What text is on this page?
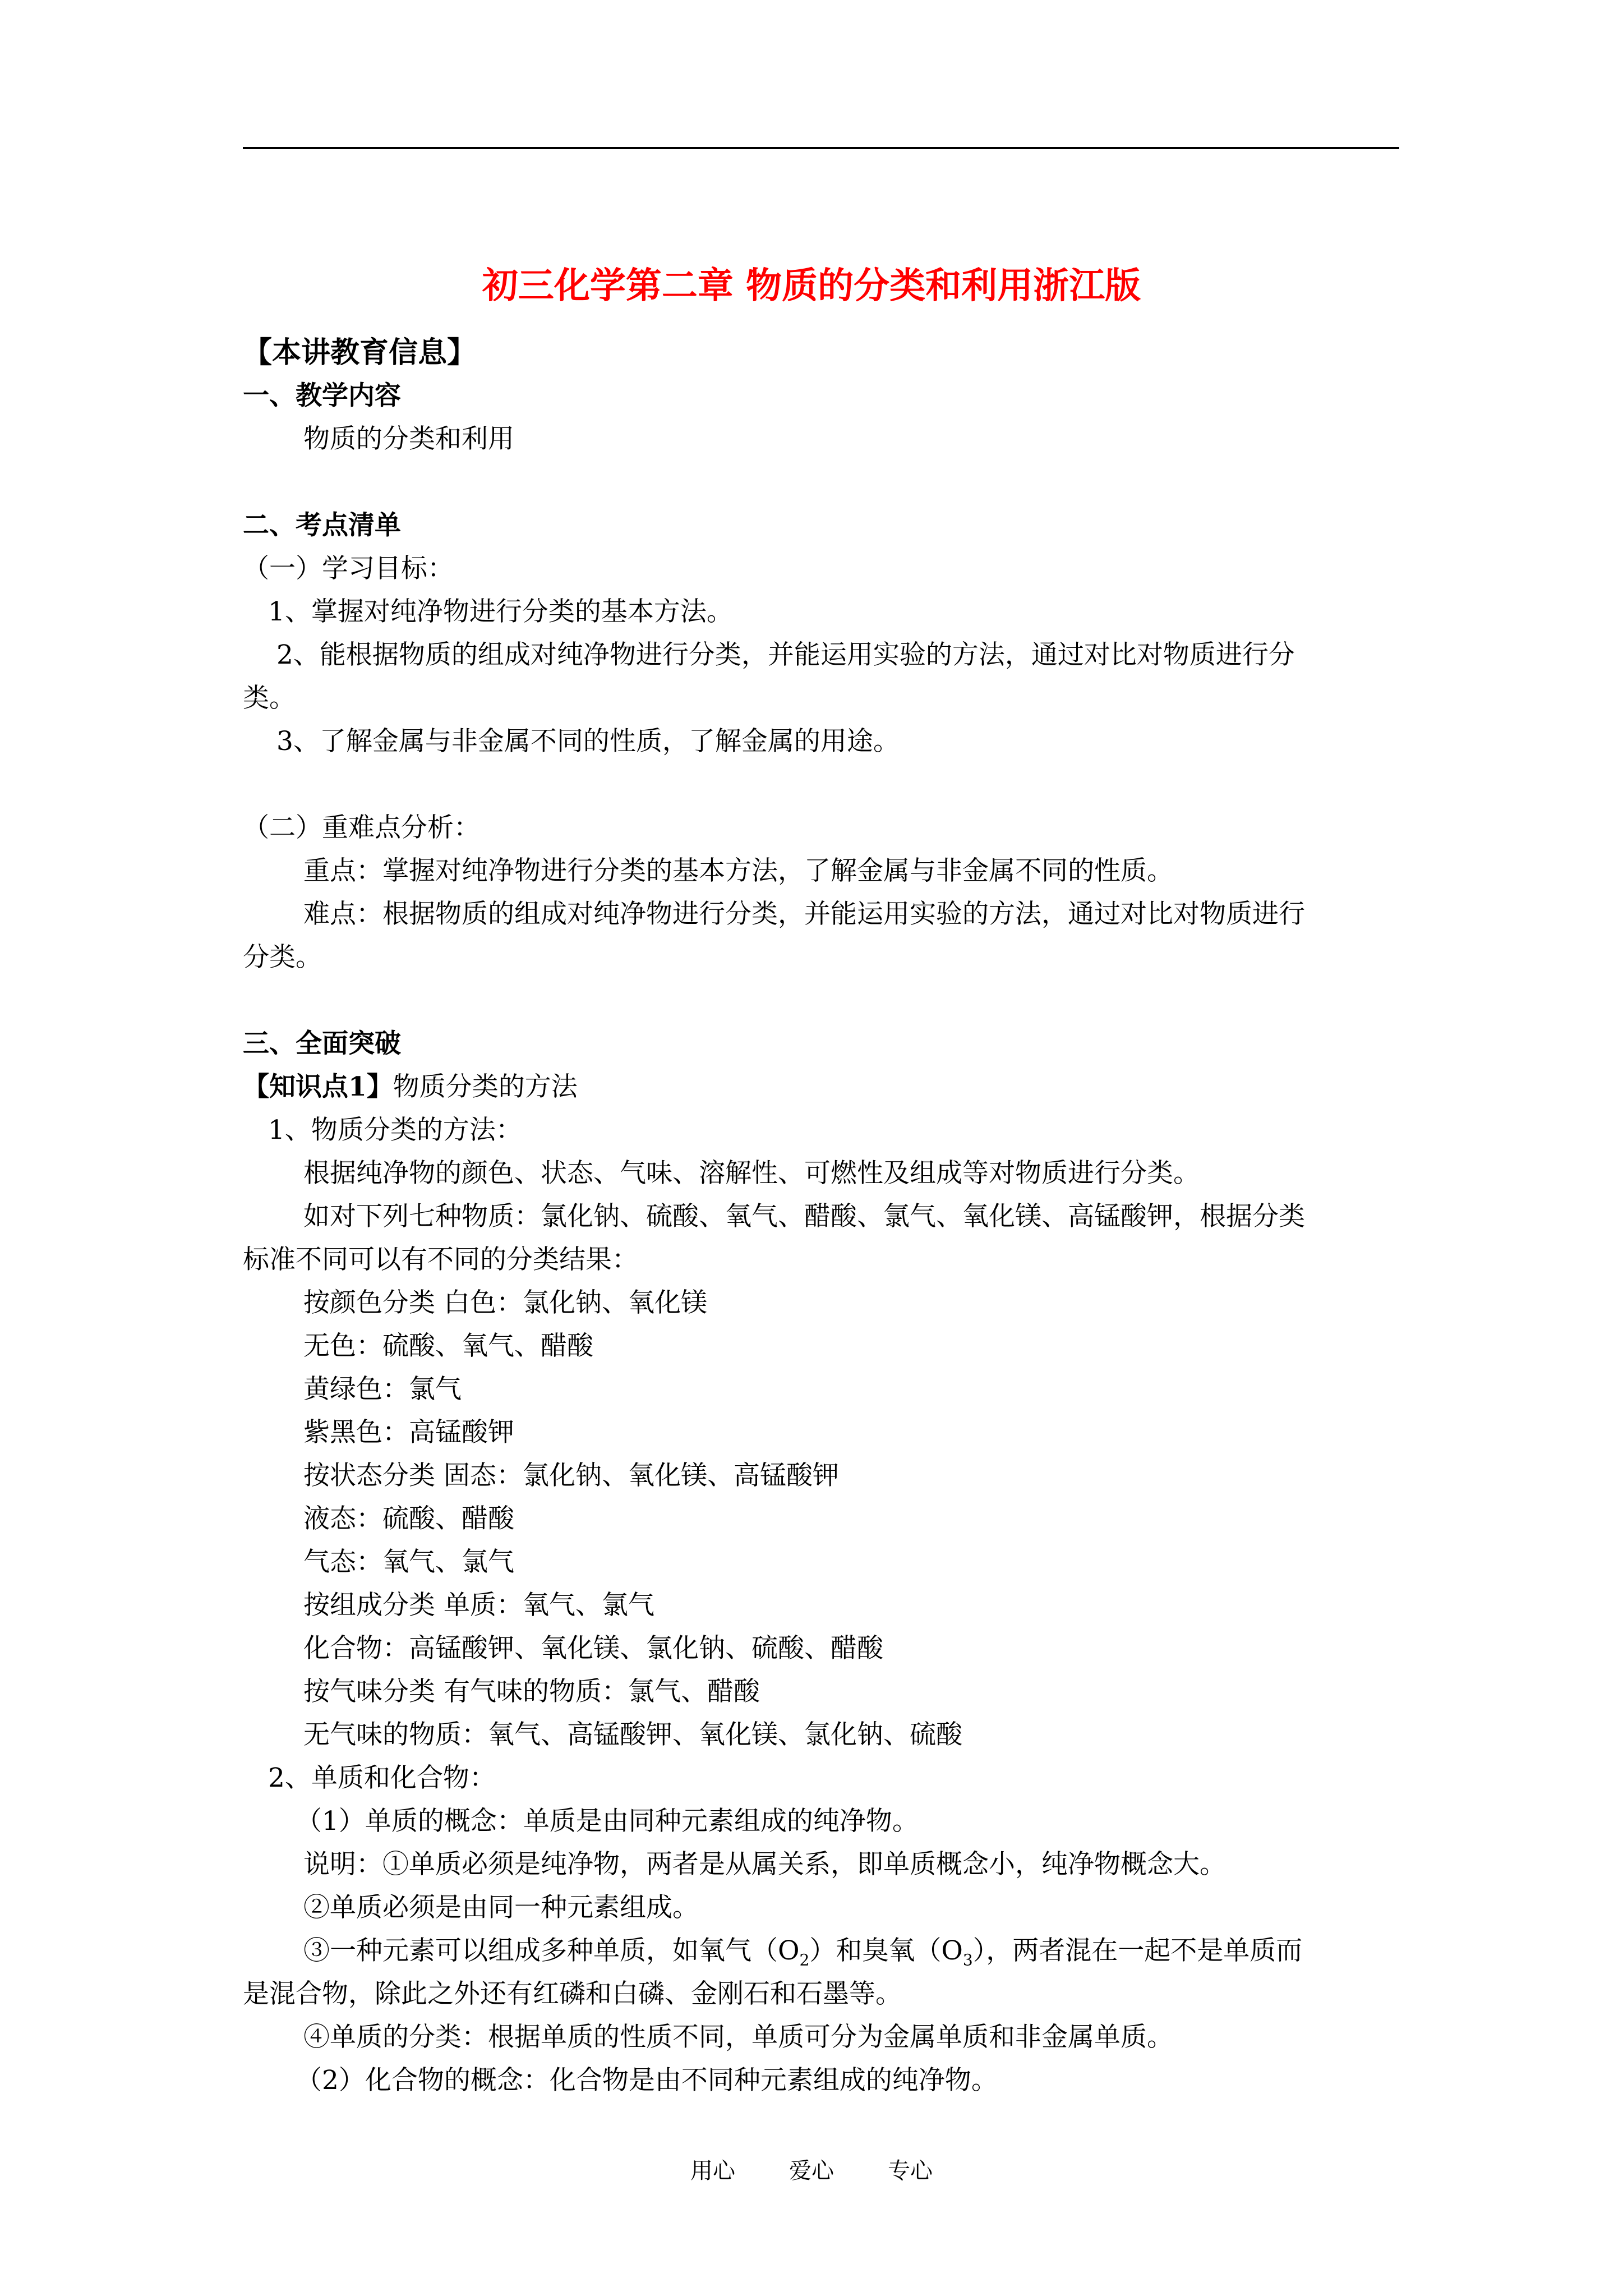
初三化学第二章 物质的分类和利用浙江版
【本讲教育信息】
一、教学内容
物质的分类和利用
二、考点清单
（一）学习目标：
1、掌握对纯净物进行分类的基本方法。
2、能根据物质的组成对纯净物进行分类，并能运用实验的方法，通过对比对物质进行分
类。
3、了解金属与非金属不同的性质，了解金属的用途。
（二）重难点分析：
重点：掌握对纯净物进行分类的基本方法，了解金属与非金属不同的性质。
难点：根据物质的组成对纯净物进行分类，并能运用实验的方法，通过对比对物质进行
分类。
三、全面突破
【知识点1】物质分类的方法
1、物质分类的方法：
根据纯净物的颜色、状态、气味、溶解性、可燃性及组成等对物质进行分类。
如对下列七种物质：氯化钠、硫酸、氧气、醋酸、氯气、氧化镁、高锰酸钾，根据分类
标准不同可以有不同的分类结果：
按颜色分类 白色：氯化钠、氧化镁
无色：硫酸、氧气、醋酸
黄绿色：氯气
紫黑色：高锰酸钾
按状态分类 固态：氯化钠、氧化镁、高锰酸钾
液态：硫酸、醋酸
气态：氧气、氯气
按组成分类 单质：氧气、氯气
化合物：高锰酸钾、氧化镁、氯化钠、硫酸、醋酸
按气味分类 有气味的物质：氯气、醋酸
无气味的物质：氧气、高锰酸钾、氧化镁、氯化钠、硫酸
2、单质和化合物：
（1）单质的概念：单质是由同种元素组成的纯净物。
说明：①单质必须是纯净物，两者是从属关系，即单质概念小，纯净物概念大。
②单质必须是由同一种元素组成。
③一种元素可以组成多种单质，如氧气$(O_2)$和臭氧$(O_3)$，两者混在一起不是单质而
是混合物，除此之外还有红磷和白磷、金刚石和石墨等。
④单质的分类：根据单质的性质不同，单质可分为金属单质和非金属单质。
（2）化合物的概念：化合物是由不同种元素组成的纯净物。
用心 爱心 专心
